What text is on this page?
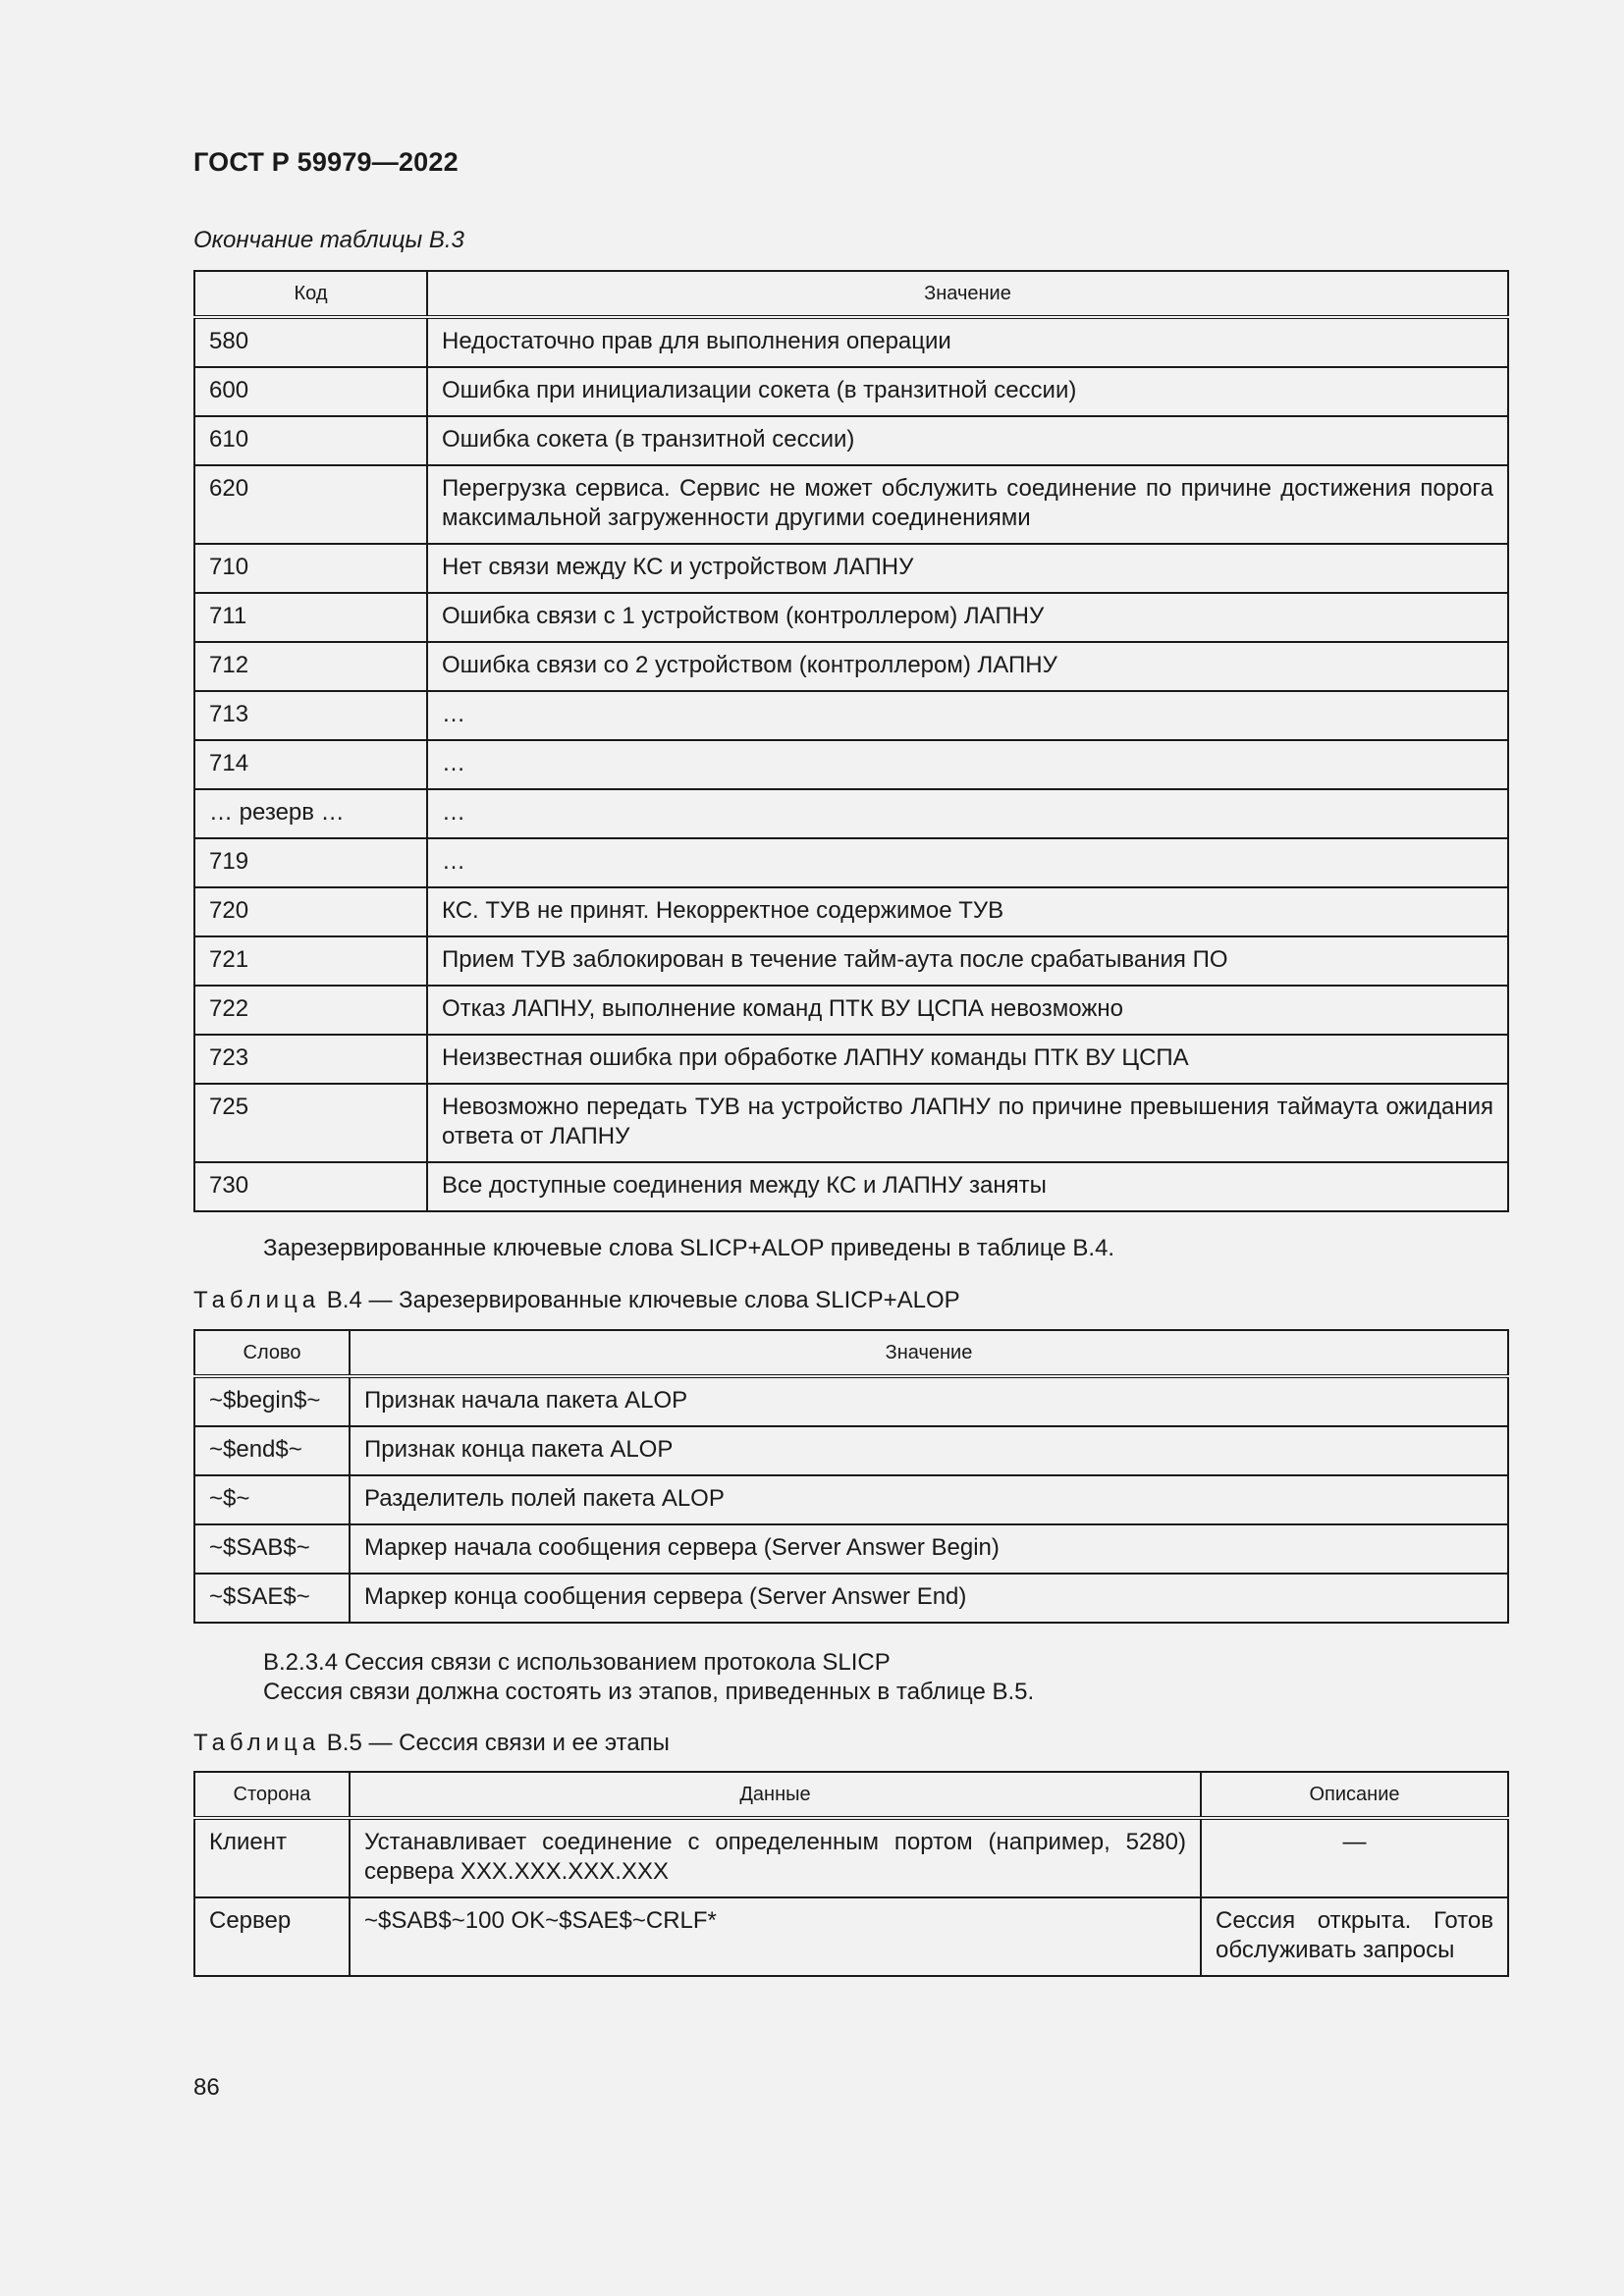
ГОСТ Р 59979—2022
Окончание таблицы В.3
Код	Значение
580	Недостаточно прав для выполнения операции
600	Ошибка при инициализации сокета (в транзитной сессии)
610	Ошибка сокета (в транзитной сессии)
620	Перегрузка сервиса. Сервис не может обслужить соединение по причине достижения порога максимальной загруженности другими соединениями
710	Нет связи между КС и устройством ЛАПНУ
711	Ошибка связи с 1 устройством (контроллером) ЛАПНУ
712	Ошибка связи со 2 устройством (контроллером) ЛАПНУ
713	…
714	…
… резерв …	…
719	…
720	КС. ТУВ не принят. Некорректное содержимое ТУВ
721	Прием ТУВ заблокирован в течение тайм-аута после срабатывания ПО
722	Отказ ЛАПНУ, выполнение команд ПТК ВУ ЦСПА невозможно
723	Неизвестная ошибка при обработке ЛАПНУ команды ПТК ВУ ЦСПА
725	Невозможно передать ТУВ на устройство ЛАПНУ по причине превышения таймаута ожидания ответа от ЛАПНУ
730	Все доступные соединения между КС и ЛАПНУ заняты
Зарезервированные ключевые слова SLICP+ALOP приведены в таблице В.4.
Таблица В.4 — Зарезервированные ключевые слова SLICP+ALOP
Слово	Значение
~$begin$~	Признак начала пакета ALOP
~$end$~	Признак конца пакета ALOP
~$~	Разделитель полей пакета ALOP
~$SAB$~	Маркер начала сообщения сервера (Server Answer Begin)
~$SAE$~	Маркер конца сообщения сервера (Server Answer End)
В.2.3.4 Сессия связи с использованием протокола SLICP
Сессия связи должна состоять из этапов, приведенных в таблице В.5.
Таблица В.5 — Сессия связи и ее этапы
Сторона	Данные	Описание
Клиент	Устанавливает соединение с определенным портом (например, 5280) сервера XXX.XXX.XXX.XXX	—
Сервер	~$SAB$~100 OK~$SAE$~CRLF*	Сессия открыта. Готов обслуживать запросы
86
